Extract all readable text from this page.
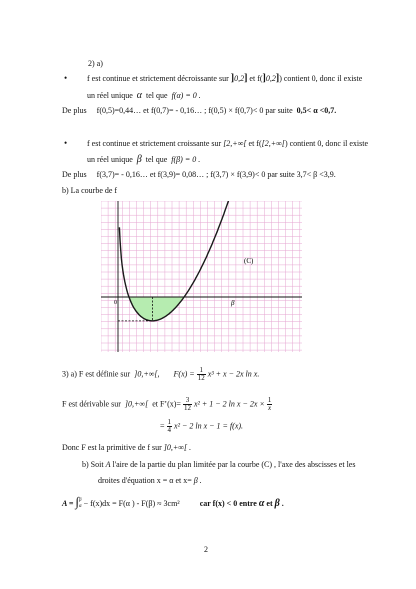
2) a)
• f est continue et strictement décroissante sur ]0,2] et f(]0,2]) contient 0, donc il existe
un réel unique α tel que f(α) = 0 .
De plus f(0,5)=0,44… et f(0,7)= - 0,16… ; f(0,5) × f(0,7)< 0 par suite 0,5< α <0,7.
• f est continue et strictement croissante sur [2,+∞[ et f([2,+∞[) contient 0, donc il existe
un réel unique β tel que f(β) = 0 .
De plus f(3,7)= - 0,16… et f(3,9)= 0,08… ; f(3,7) × f(3,9)< 0 par suite 3,7< β <3,9.
b) La courbe de f
(C)
β
0
3) a) F est définie sur ]0,+∞[, $F(x) = \frac{1}{12} x^3 + x - 2x$ ln x.
F est dérivable sur ]0,+∞[ et F’(x)= $\frac{3}{12} x^2 + 1 - 2$ $\ln x - 2x \times \frac{1}{x}$
= $\frac{1}{4} x^2 - 2$ ln x − 1 = f(x).
Donc F est la primitive de f sur ]0,+∞[ .
b) Soit A l'aire de la partie du plan limitée par la courbe (C) , l'axe des abscisses et les
droites d'équation x = α et x= β .
A = ∫ β
α − f(x)dx = F(α ) - F(β) ≈ 3cm²	car f(x) < 0 entre α et β .
2
